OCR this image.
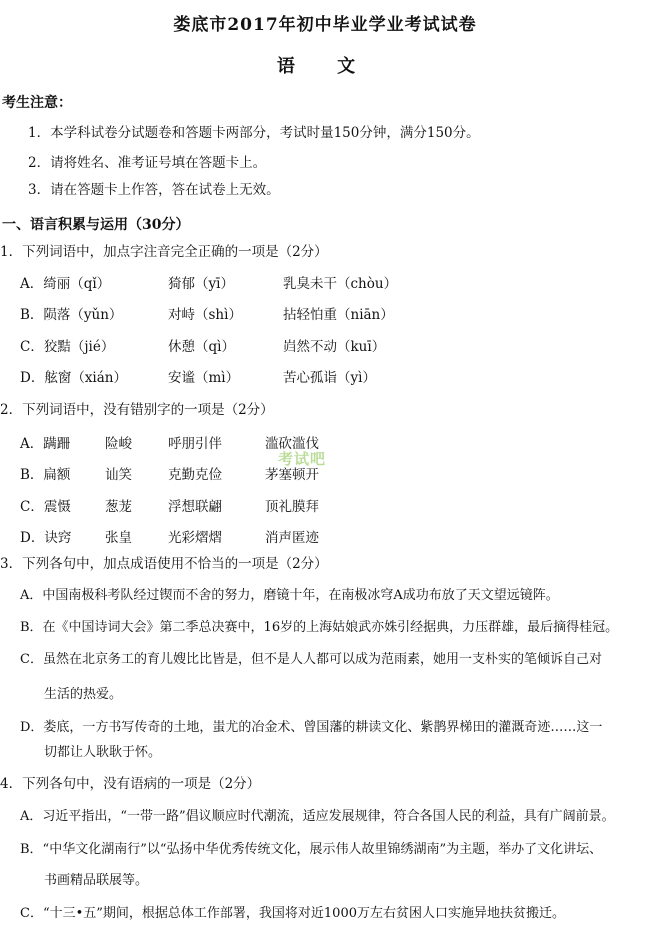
娄底市2017年初中毕业学业考试试卷
语 文
考生注意：
1．本学科试卷分试题卷和答题卡两部分，考试时量150分钟，满分150分。
2．请将姓名、准考证号填在答题卡上。
3．请在答题卡上作答，答在试卷上无效。
一、语言积累与运用（30分）
1．下列词语中，加点字注音完全正确的一项是（2分）
A．绮丽（qǐ）	猗郁（yī）	乳臭未干（chòu）
B．陨落（yǔn）	对峙（shì）	拈轻怕重（niān）
C．狡黠（jié）	休憩（qì）	岿然不动（kuī）
D．舷窗（xián）	安谧（mì）	苦心孤诣（yì）
2．下列词语中，没有错别字的一项是（2分）
A．蹒跚	险峻	呼朋引伴	滥砍滥伐
B．扁额	讪笑	克勤克俭	茅塞顿开
C．震慑	葱茏	浮想联翩	顶礼膜拜
D．诀窍 张皇	光彩熠熠	消声匿迹
考试吧
3．下列各句中，加点成语使用不恰当的一项是（2分）
A．中国南极科考队经过锲而不舍的努力，磨镜十年，在南极冰穹A成功布放了天文望远镜阵。
B．在《中国诗词大会》第二季总决赛中，16岁的上海姑娘武亦姝引经据典，力压群雄，最后摘得桂冠。
C．虽然在北京务工的育儿嫂比比皆是，但不是人人都可以成为范雨素，她用一支朴实的笔倾诉自己对
生活的热爱。
D．娄底，一方书写传奇的土地，蚩尤的冶金术、曾国藩的耕读文化、紫鹊界梯田的灌溉奇迹……这一
切都让人耿耿于怀。
4．下列各句中，没有语病的一项是（2分）
A．习近平指出，“一带一路”倡议顺应时代潮流，适应发展规律，符合各国人民的利益，具有广阔前景。
B．“中华文化湖南行”以“弘扬中华优秀传统文化，展示伟人故里锦绣湖南”为主题，举办了文化讲坛、
书画精品联展等。
C．“十三•五”期间，根据总体工作部署，我国将对近1000万左右贫困人口实施异地扶贫搬迁。
